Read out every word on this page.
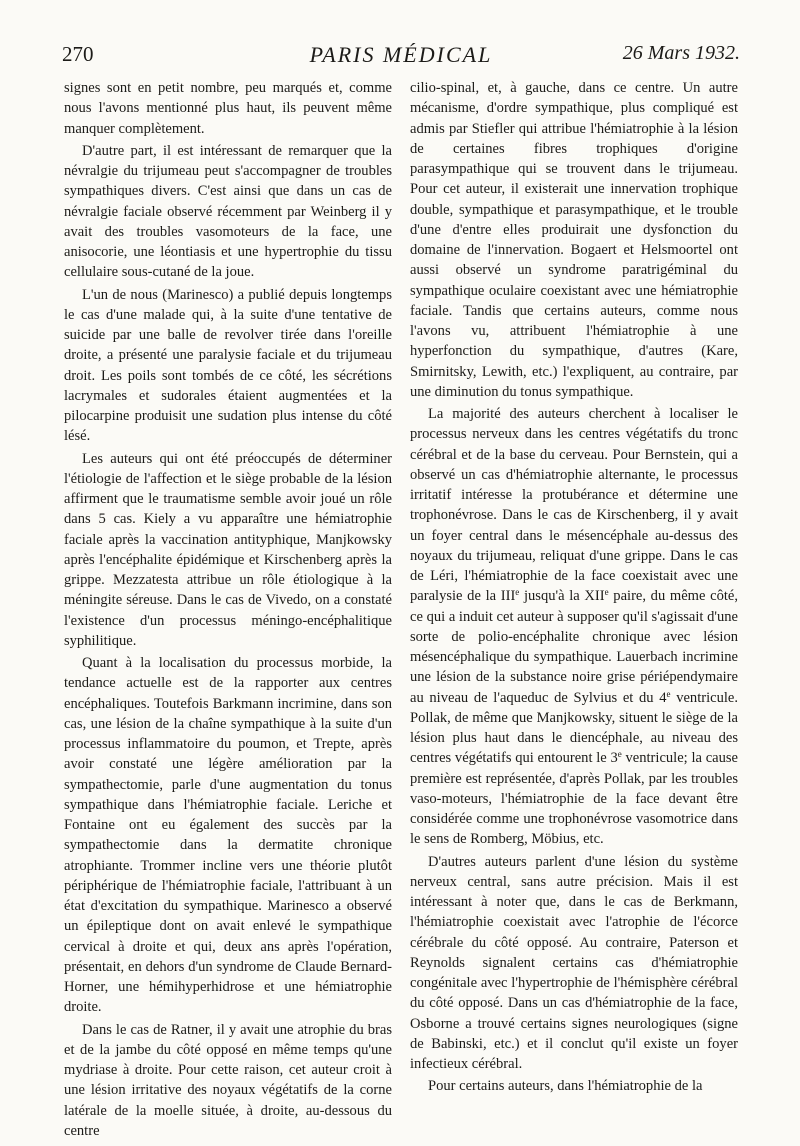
270	PARIS MÉDICAL	26 Mars 1932.

signes sont en petit nombre, peu marqués et, comme nous l'avons mentionné plus haut, ils peuvent même manquer complètement.

D'autre part, il est intéressant de remarquer que la névralgie du trijumeau peut s'accompagner de troubles sympathiques divers. C'est ainsi que dans un cas de névralgie faciale observé récemment par Weinberg il y avait des troubles vasomoteurs de la face, une anisocorie, une léontiasis et une hypertrophie du tissu cellulaire sous-cutané de la joue.

L'un de nous (Marinesco) a publié depuis longtemps le cas d'une malade qui, à la suite d'une tentative de suicide par une balle de revolver tirée dans l'oreille droite, a présenté une paralysie faciale et du trijumeau droit. Les poils sont tombés de ce côté, les sécrétions lacrymales et sudorales étaient augmentées et la pilocarpine produisit une sudation plus intense du côté lésé.

Les auteurs qui ont été préoccupés de déterminer l'étiologie de l'affection et le siège probable de la lésion affirment que le traumatisme semble avoir joué un rôle dans 5 cas. Kiely a vu apparaître une hémiatrophie faciale après la vaccination antityphique, Manjkowsky après l'encéphalite épidémique et Kirschenberg après la grippe. Mezzatesta attribue un rôle étiologique à la méningite séreuse. Dans le cas de Vivedo, on a constaté l'existence d'un processus méningo-encéphalitique syphilitique.

Quant à la localisation du processus morbide, la tendance actuelle est de la rapporter aux centres encéphaliques. Toutefois Barkmann incrimine, dans son cas, une lésion de la chaîne sympathique à la suite d'un processus inflammatoire du poumon, et Trepte, après avoir constaté une légère amélioration par la sympathectomie, parle d'une augmentation du tonus sympathique dans l'hémiatrophie faciale. Leriche et Fontaine ont eu également des succès par la sympathectomie dans la dermatite chronique atrophiante. Trommer incline vers une théorie plutôt périphérique de l'hémiatrophie faciale, l'attribuant à un état d'excitation du sympathique. Marinesco a observé un épileptique dont on avait enlevé le sympathique cervical à droite et qui, deux ans après l'opération, présentait, en dehors d'un syndrome de Claude Bernard-Horner, une hémihyperhidrose et une hémiatrophie droite.

Dans le cas de Ratner, il y avait une atrophie du bras et de la jambe du côté opposé en même temps qu'une mydriase à droite. Pour cette raison, cet auteur croit à une lésion irritative des noyaux végétatifs de la corne latérale de la moelle située, à droite, au-dessous du centre

cilio-spinal, et, à gauche, dans ce centre. Un autre mécanisme, d'ordre sympathique, plus compliqué est admis par Stiefler qui attribue l'hémiatrophie à la lésion de certaines fibres trophiques d'origine parasympathique qui se trouvent dans le trijumeau. Pour cet auteur, il existerait une innervation trophique double, sympathique et parasympathique, et le trouble d'une d'entre elles produirait une dysfonction du domaine de l'innervation. Bogaert et Helsmoortel ont aussi observé un syndrome paratrigéminal du sympathique oculaire coexistant avec une hémiatrophie faciale. Tandis que certains auteurs, comme nous l'avons vu, attribuent l'hémiatrophie à une hyperfonction du sympathique, d'autres (Kare, Smirnitsky, Lewith, etc.) l'expliquent, au contraire, par une diminution du tonus sympathique.

La majorité des auteurs cherchent à localiser le processus nerveux dans les centres végétatifs du tronc cérébral et de la base du cerveau. Pour Bernstein, qui a observé un cas d'hémiatrophie alternante, le processus irritatif intéresse la protubérance et détermine une trophonévrose. Dans le cas de Kirschenberg, il y avait un foyer central dans le mésencéphale au-dessus des noyaux du trijumeau, reliquat d'une grippe. Dans le cas de Léri, l'hémiatrophie de la face coexistait avec une paralysie de la IIIe jusqu'à la XIIe paire, du même côté, ce qui a induit cet auteur à supposer qu'il s'agissait d'une sorte de polio-encéphalite chronique avec lésion mésencéphalique du sympathique. Lauerbach incrimine une lésion de la substance noire grise périépendymaire au niveau de l'aqueduc de Sylvius et du 4e ventricule. Pollak, de même que Manjkowsky, situent le siège de la lésion plus haut dans le diencéphale, au niveau des centres végétatifs qui entourent le 3e ventricule; la cause première est représentée, d'après Pollak, par les troubles vaso-moteurs, l'hémiatrophie de la face devant être considérée comme une trophonévrose vasomotrice dans le sens de Romberg, Möbius, etc.

D'autres auteurs parlent d'une lésion du système nerveux central, sans autre précision. Mais il est intéressant à noter que, dans le cas de Berkmann, l'hémiatrophie coexistait avec l'atrophie de l'écorce cérébrale du côté opposé. Au contraire, Paterson et Reynolds signalent certains cas d'hémiatrophie congénitale avec l'hypertrophie de l'hémisphère cérébral du côté opposé. Dans un cas d'hémiatrophie de la face, Osborne a trouvé certains signes neurologiques (signe de Babinski, etc.) et il conclut qu'il existe un foyer infectieux cérébral.

Pour certains auteurs, dans l'hémiatrophie de la
